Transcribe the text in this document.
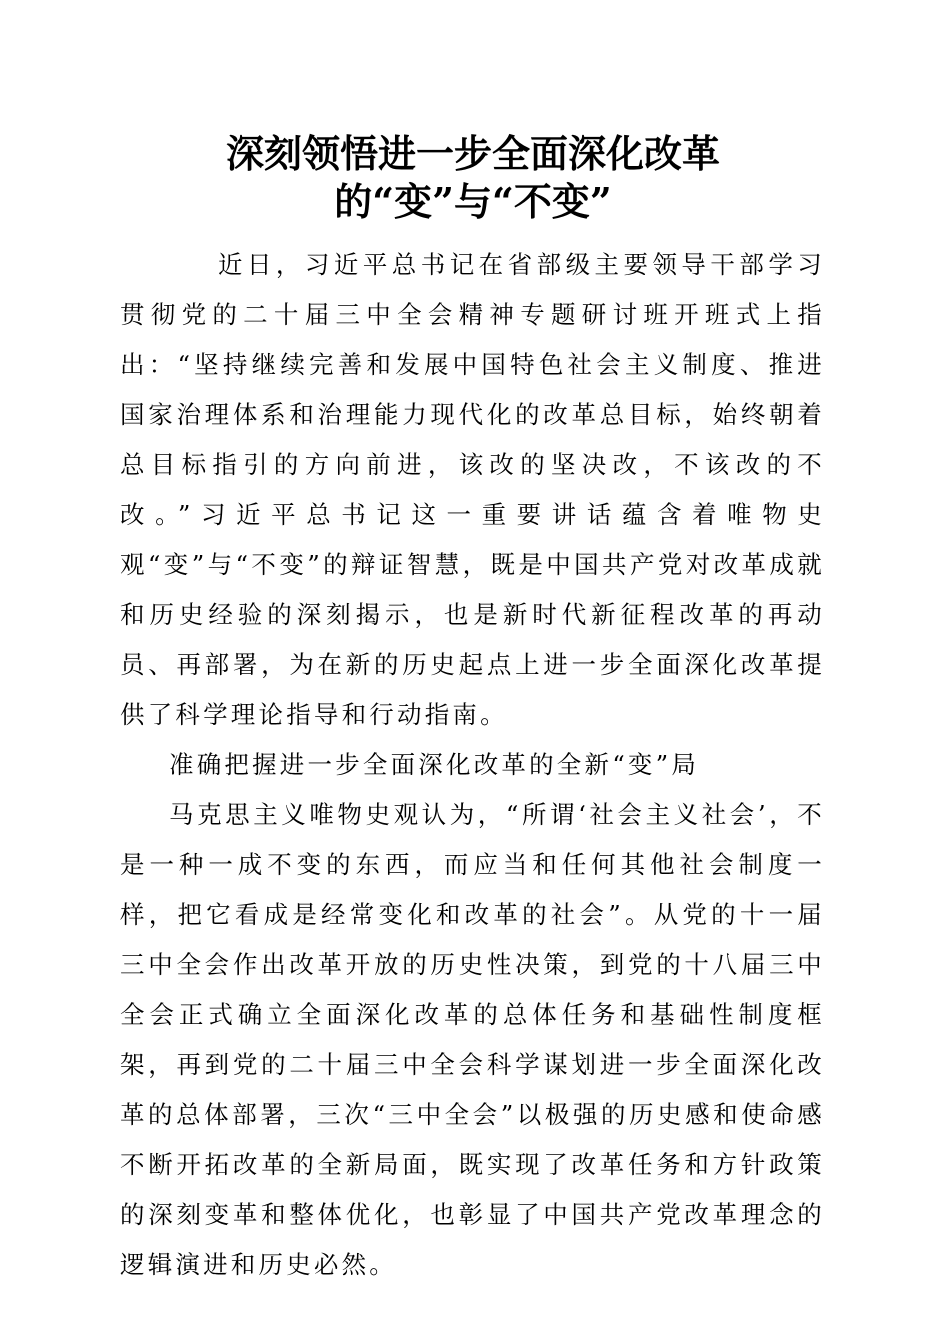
深刻领悟进一步全面深化改革的“变”与“不变”

近日，习近平总书记在省部级主要领导干部学习贯彻党的二十届三中全会精神专题研讨班开班式上指出：“坚持继续完善和发展中国特色社会主义制度、推进国家治理体系和治理能力现代化的改革总目标，始终朝着总目标指引的方向前进，该改的坚决改，不该改的不改。”习近平总书记这一重要讲话蕴含着唯物史观“变”与“不变”的辩证智慧，既是中国共产党对改革成就和历史经验的深刻揭示，也是新时代新征程改革的再动员、再部署，为在新的历史起点上进一步全面深化改革提供了科学理论指导和行动指南。

准确把握进一步全面深化改革的全新“变”局

马克思主义唯物史观认为，“所谓‘社会主义社会’，不是一种一成不变的东西，而应当和任何其他社会制度一样，把它看成是经常变化和改革的社会”。从党的十一届三中全会作出改革开放的历史性决策，到党的十八届三中全会正式确立全面深化改革的总体任务和基础性制度框架，再到党的二十届三中全会科学谋划进一步全面深化改革的总体部署，三次“三中全会”以极强的历史感和使命感不断开拓改革的全新局面，既实现了改革任务和方针政策的深刻变革和整体优化，也彰显了中国共产党改革理念的逻辑演进和历史必然。
